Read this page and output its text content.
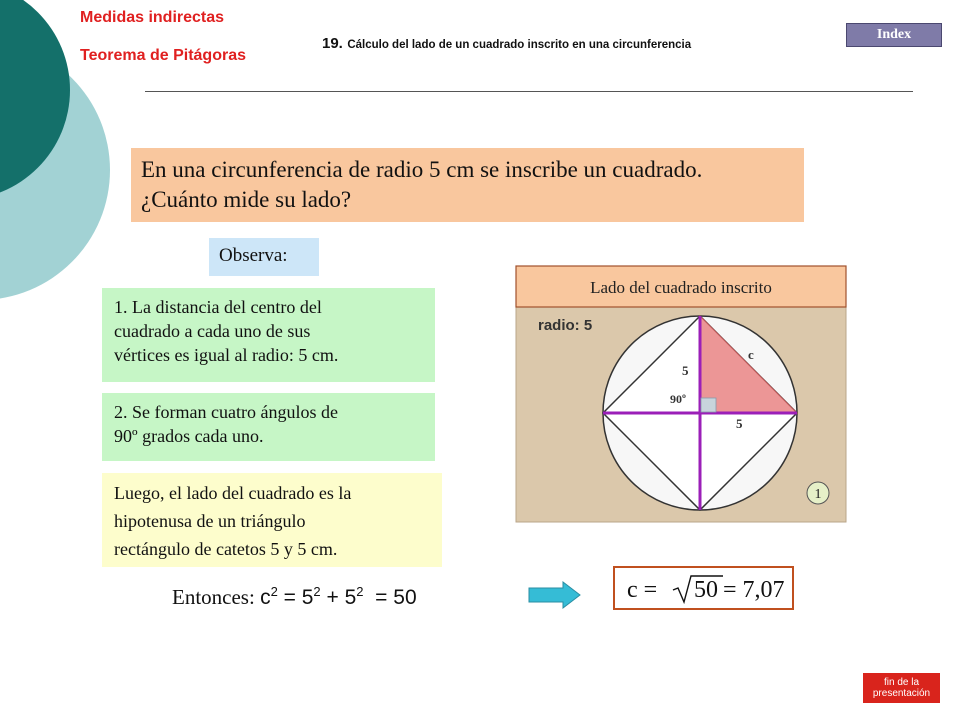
Medidas indirectas
Teorema de Pitágoras
19. Cálculo del lado de un cuadrado inscrito en una circunferencia
Index
En una circunferencia de radio 5 cm se inscribe un cuadrado.
¿Cuánto mide su lado?
Observa:
1. La distancia del centro del
cuadrado a cada uno de sus
vértices es igual al radio: 5 cm.
2. Se forman cuatro ángulos de
90º grados cada uno.
Luego, el lado del cuadrado es la
hipotenusa de un triángulo
rectángulo de catetos 5 y 5 cm.
Lado del cuadrado inscrito
radio: 5
c
5
90º
5
1
Entonces: $c^2 = 5^2 + 5^2 = 50$	c = 50 = 7,07
fin de la
presentación
